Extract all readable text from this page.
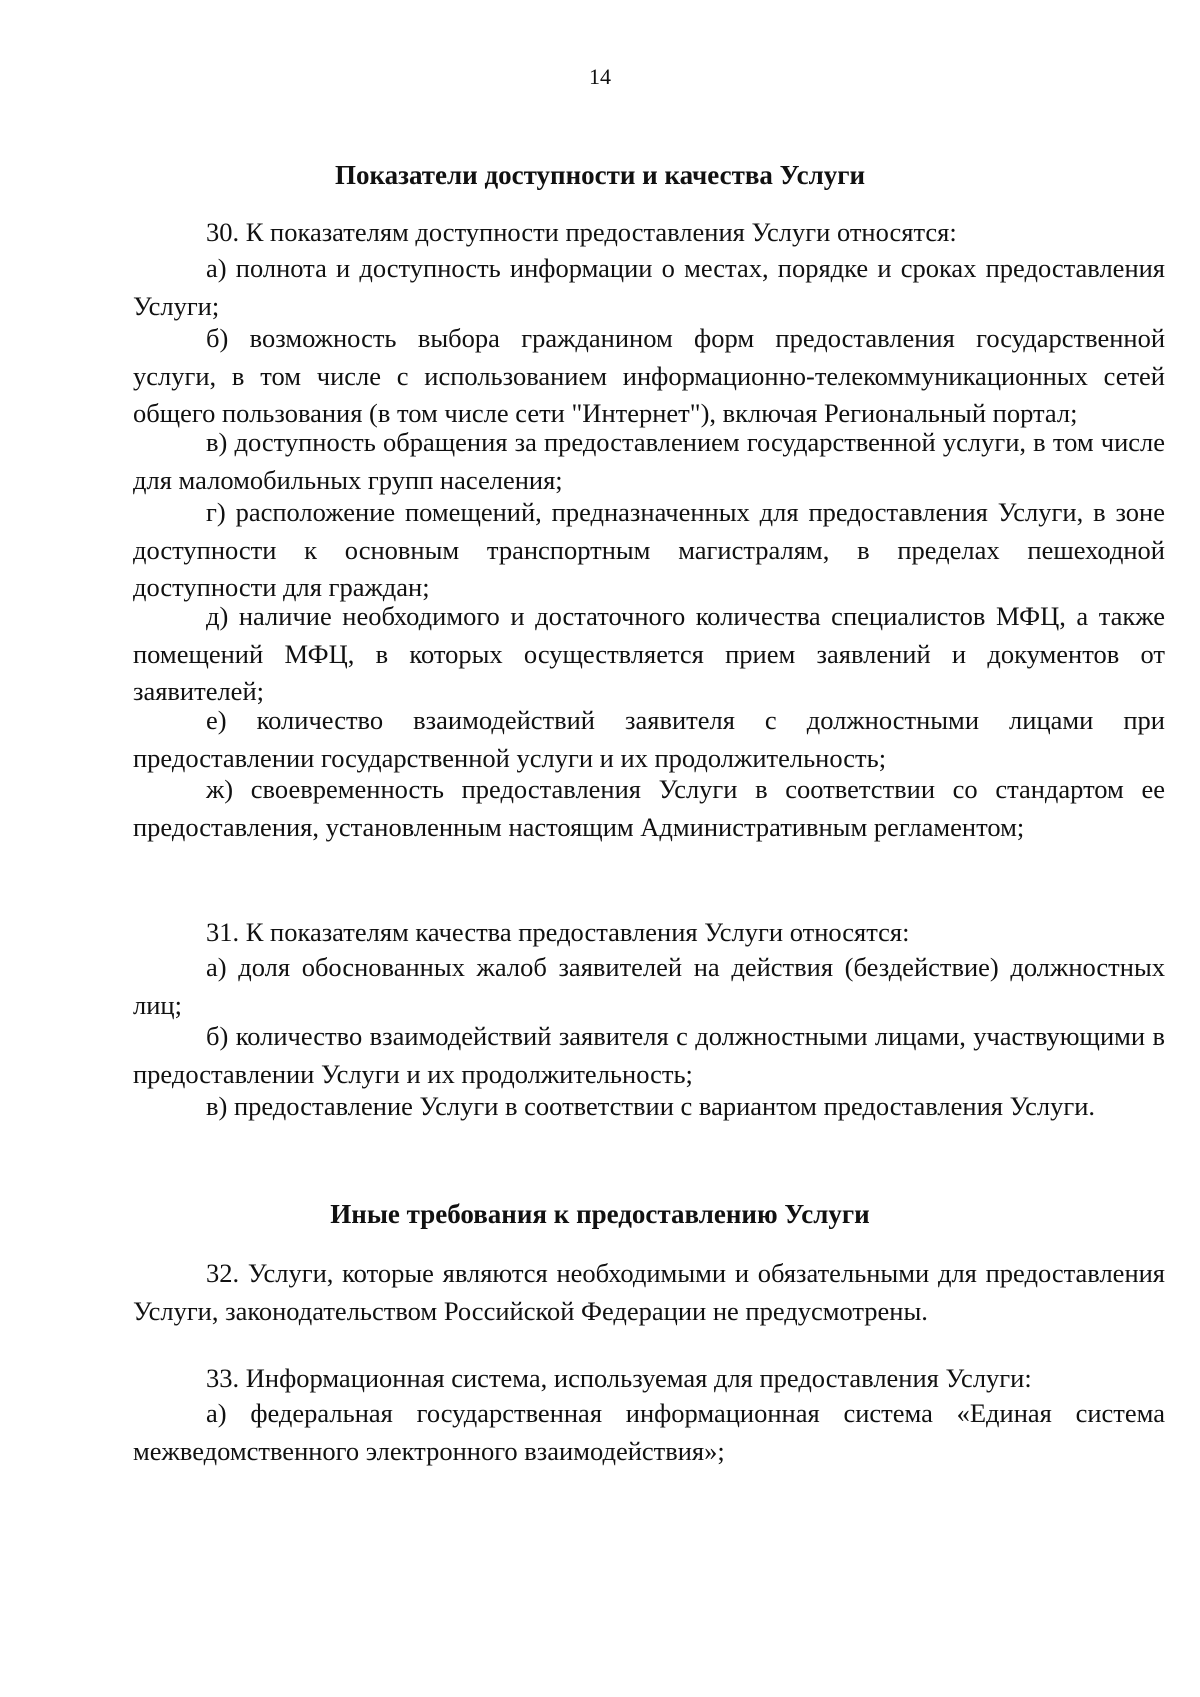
14
Показатели доступности и качества Услуги

30. К показателям доступности предоставления Услуги относятся:

а) полнота и доступность информации о местах, порядке и сроках предоставления Услуги;

б) возможность выбора гражданином форм предоставления государственной услуги, в том числе с использованием информационно-телекоммуникационных сетей общего пользования (в том числе сети "Интернет"), включая Региональный портал;

в) доступность обращения за предоставлением государственной услуги, в том числе для маломобильных групп населения;

г) расположение помещений, предназначенных для предоставления Услуги, в зоне доступности к основным транспортным магистралям, в пределах пешеходной доступности для граждан;

д) наличие необходимого и достаточного количества специалистов МФЦ, а также помещений МФЦ, в которых осуществляется прием заявлений и документов от заявителей;

е) количество взаимодействий заявителя с должностными лицами при предоставлении государственной услуги и их продолжительность;

ж) своевременность предоставления Услуги в соответствии со стандартом ее предоставления, установленным настоящим Административным регламентом;

31. К показателям качества предоставления Услуги относятся:

а) доля обоснованных жалоб заявителей на действия (бездействие) должностных лиц;

б) количество взаимодействий заявителя с должностными лицами, участвующими в предоставлении Услуги и их продолжительность;

в) предоставление Услуги в соответствии с вариантом предоставления Услуги.

Иные требования к предоставлению Услуги

32. Услуги, которые являются необходимыми и обязательными для предоставления Услуги, законодательством Российской Федерации не предусмотрены.

33. Информационная система, используемая для предоставления Услуги:

а) федеральная государственная информационная система «Единая система межведомственного электронного взаимодействия»;
